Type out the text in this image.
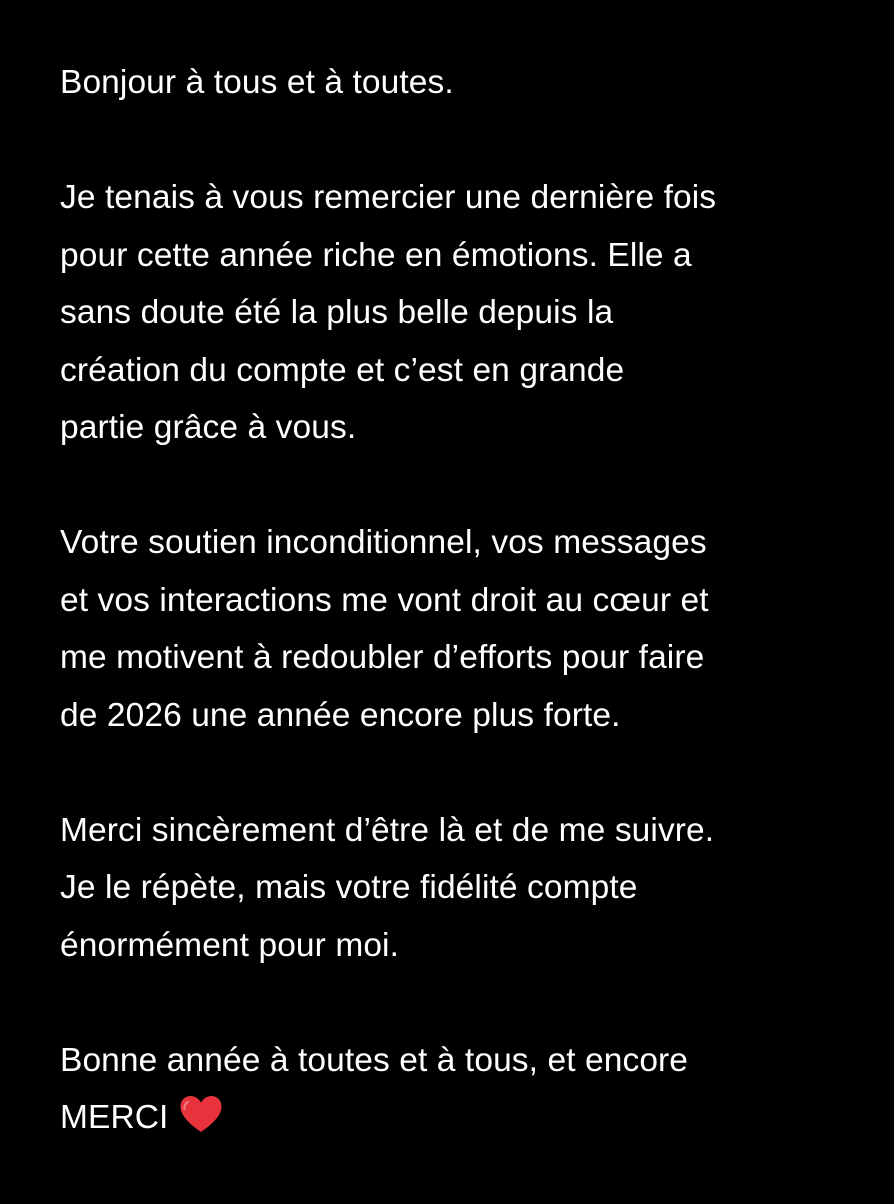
Bonjour à tous et à toutes.

Je tenais à vous remercier une dernière fois
pour cette année riche en émotions. Elle a
sans doute été la plus belle depuis la
création du compte et c’est en grande
partie grâce à vous.

Votre soutien inconditionnel, vos messages
et vos interactions me vont droit au cœur et
me motivent à redoubler d’efforts pour faire
de 2026 une année encore plus forte.

Merci sincèrement d’être là et de me suivre.
Je le répète, mais votre fidélité compte
énormément pour moi.

Bonne année à toutes et à tous, et encore
MERCI
